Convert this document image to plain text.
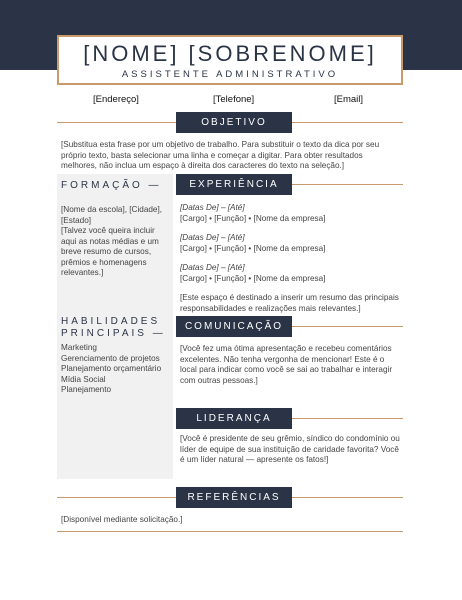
[NOME] [SOBRENOME]
ASSISTENTE ADMINISTRATIVO
[Endereço]	[Telefone]	[Email]
OBJETIVO
[Substitua esta frase por um objetivo de trabalho. Para substituir o texto da dica por seu próprio texto, basta selecionar uma linha e começar a digitar. Para obter resultados melhores, não inclua um espaço à direita dos caracteres do texto na seleção.]
FORMAÇÃO —
[Nome da escola], [Cidade], [Estado]
[Talvez você queira incluir aqui as notas médias e um breve resumo de cursos, prêmios e homenagens relevantes.]
HABILIDADES
PRINCIPAIS —
Marketing
Gerenciamento de projetos
Planejamento orçamentário
Mídia Social
Planejamento
EXPERIÊNCIA
[Datas De] – [Até]
[Cargo] • [Função] • [Nome da empresa]
[Datas De] – [Até]
[Cargo] • [Função] • [Nome da empresa]
[Datas De] – [Até]
[Cargo] • [Função] • [Nome da empresa]
[Este espaço é destinado a inserir um resumo das principais responsabilidades e realizações mais relevantes.]
COMUNICAÇÃO
[Você fez uma ótima apresentação e recebeu comentários excelentes. Não tenha vergonha de mencionar! Este é o local para indicar como você se sai ao trabalhar e interagir com outras pessoas.]
LIDERANÇA
[Você é presidente de seu grêmio, síndico do condomínio ou líder de equipe de sua instituição de caridade favorita? Você é um líder natural — apresente os fatos!]
REFERÊNCIAS
[Disponível mediante solicitação.]
